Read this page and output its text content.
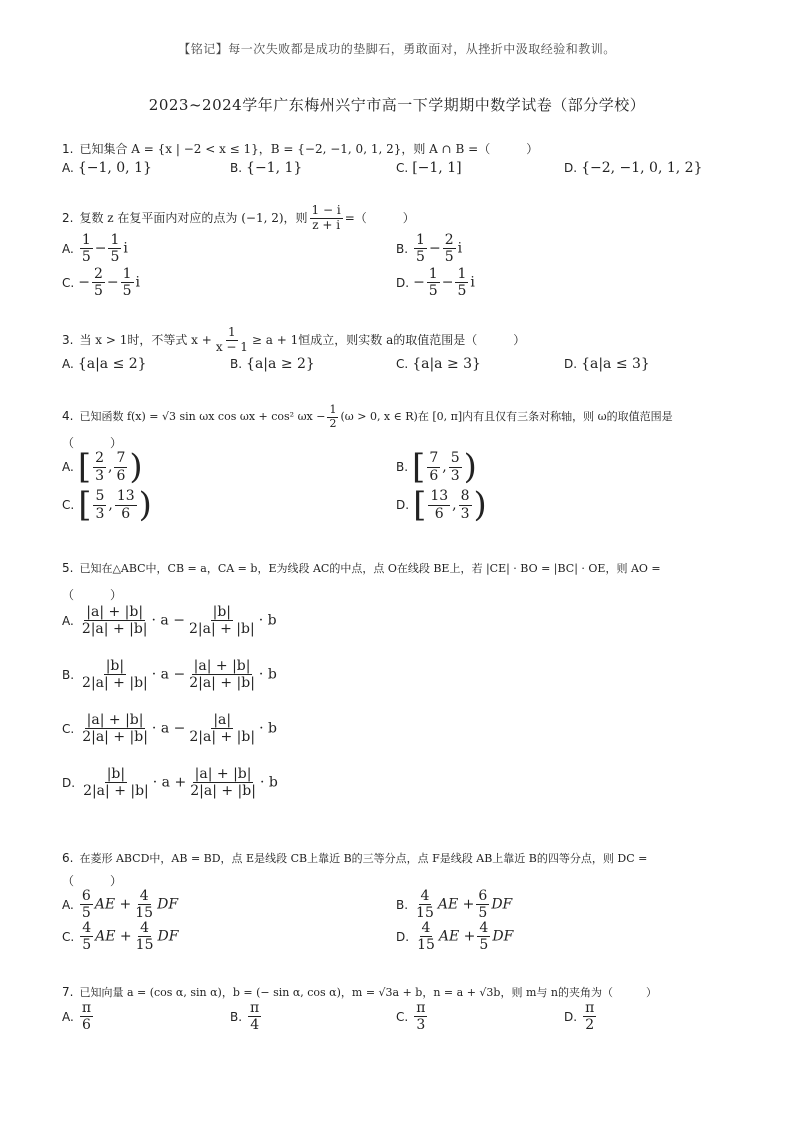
【铭记】每一次失败都是成功的垫脚石，勇敢面对，从挫折中汲取经验和教训。
2023~2024学年广东梅州兴宁市高一下学期期中数学试卷（部分学校）
1. 已知集合 A = {x | −2 < x ≤ 1}，B = {−2, −1, 0, 1, 2}，则 A ∩ B =（　　　）
A. {−1, 0, 1}	B. {−1, 1}	C. [−1, 1]	D. {−2, −1, 0, 1, 2}
2. 复数 z 在复平面内对应的点为 (−1, 2)，则 $\frac{1 - i}{z + i}$ =（　　　）
A. $\frac{1}{5} - \frac{1}{5}$ i	B. $\frac{1}{5} - \frac{2}{5}$ i
C. − $\frac{2}{5} - \frac{1}{5}$ i	D. − $\frac{1}{5} - \frac{1}{5}$ i
3. 当 x > 1时，不等式 $x + \frac{1}{x - 1} \ge a + 1$恒成立，则实数 a的取值范围是（　　　）
A. {a|a ≤ 2}	B. {a|a ≥ 2}	C. {a|a ≥ 3}	D. {a|a ≤ 3}
4. 已知函数 f(x) = √3 sin ωx cos ωx + cos² $\omega x - \frac{1}{2} (\omega > 0$, x ∈ R)在 [0, π]内有且仅有三条对称轴，则 ω的取值范围是
（　　　）
A. [ $\frac{2}{3}$ , $\frac{7}{6}$ )	B. [ $\frac{7}{6}$ , $\frac{5}{3}$ )
C. [ $\frac{5}{3}$ , $\frac{13}{6}$ )	D. [ $\frac{13}{6}$ , $\frac{8}{3}$ )
5. 已知在△ABC中，CB = a，CA = b，E为线段 AC的中点，点 O在线段 BE上，若 |CE| · BO = |BC| · OE，则 AO =
（　　　）
A. $\frac{|a| + |b|}{2|a| + |b|} \cdot a - \frac{|b|}{2|a| + |b|} \cdot b$
B. $\frac{|b|}{2|a| + |b|} \cdot a - \frac{|a| + |b|}{2|a| + |b|} \cdot b$
C. $\frac{|a| + |b|}{2|a| + |b|} \cdot a - \frac{|a|}{2|a| + |b|} \cdot b$
D. $\frac{|b|}{2|a| + |b|} \cdot a + \frac{|a| + |b|}{2|a| + |b|} \cdot b$
6. 在菱形 ABCD中，AB = BD，点 E是线段 CB上靠近 B的三等分点，点 F是线段 AB上靠近 B的四等分点，则 DC =
（　　　）
A. $\frac{6}{5}$ AE + $\frac{4}{15}$ DF	B. $\frac{4}{15}$ AE + $\frac{6}{5}$ DF
C. $\frac{4}{5}$ AE + $\frac{4}{15}$ DF	D. $\frac{4}{15}$ AE + $\frac{4}{5}$ DF
7. 已知向量 a = (cos α, sin α)，b = (− sin α, cos α)，m = √3a + b，n = a + √3b，则 m与 n的夹角为（　　　）
A. $\frac{\pi}{6}$	B. $\frac{\pi}{4}$	C. $\frac{\pi}{3}$	D. $\frac{\pi}{2}$
